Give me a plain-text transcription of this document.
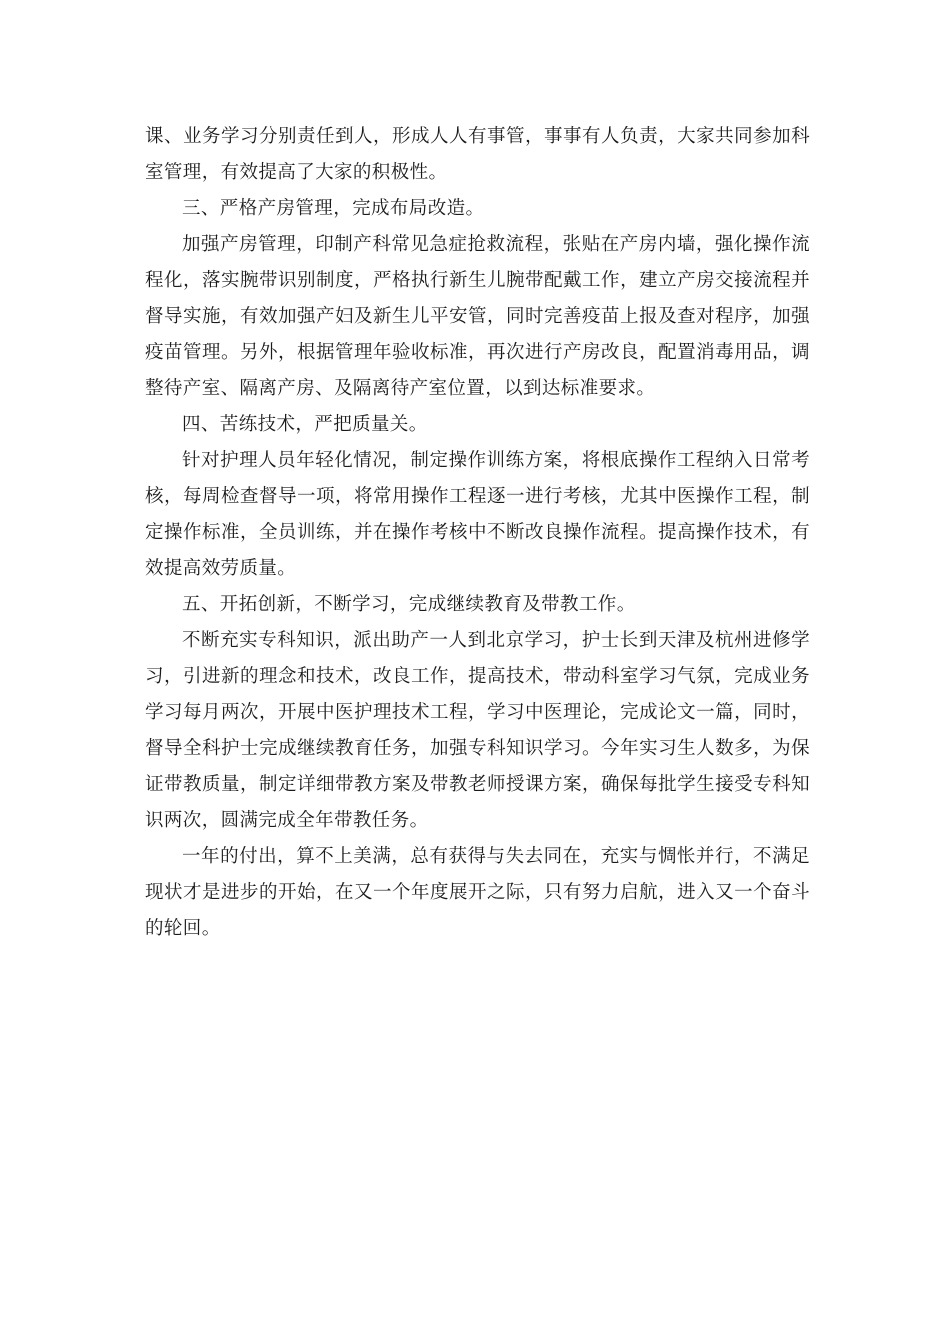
课、业务学习分别责任到人，形成人人有事管，事事有人负责，大家共同参加科室管理，有效提高了大家的积极性。

三、严格产房管理，完成布局改造。

加强产房管理，印制产科常见急症抢救流程，张贴在产房内墙，强化操作流程化，落实腕带识别制度，严格执行新生儿腕带配戴工作，建立产房交接流程并督导实施，有效加强产妇及新生儿平安管，同时完善疫苗上报及查对程序，加强疫苗管理。另外，根据管理年验收标准，再次进行产房改良，配置消毒用品，调整待产室、隔离产房、及隔离待产室位置，以到达标准要求。

四、苦练技术，严把质量关。

针对护理人员年轻化情况，制定操作训练方案，将根底操作工程纳入日常考核，每周检查督导一项，将常用操作工程逐一进行考核，尤其中医操作工程，制定操作标准，全员训练，并在操作考核中不断改良操作流程。提高操作技术，有效提高效劳质量。

五、开拓创新，不断学习，完成继续教育及带教工作。

不断充实专科知识，派出助产一人到北京学习，护士长到天津及杭州进修学习，引进新的理念和技术，改良工作，提高技术，带动科室学习气氛，完成业务学习每月两次，开展中医护理技术工程，学习中医理论，完成论文一篇，同时，督导全科护士完成继续教育任务，加强专科知识学习。今年实习生人数多，为保证带教质量，制定详细带教方案及带教老师授课方案，确保每批学生接受专科知识两次，圆满完成全年带教任务。

一年的付出，算不上美满，总有获得与失去同在，充实与惆怅并行，不满足现状才是进步的开始，在又一个年度展开之际，只有努力启航，进入又一个奋斗的轮回。
